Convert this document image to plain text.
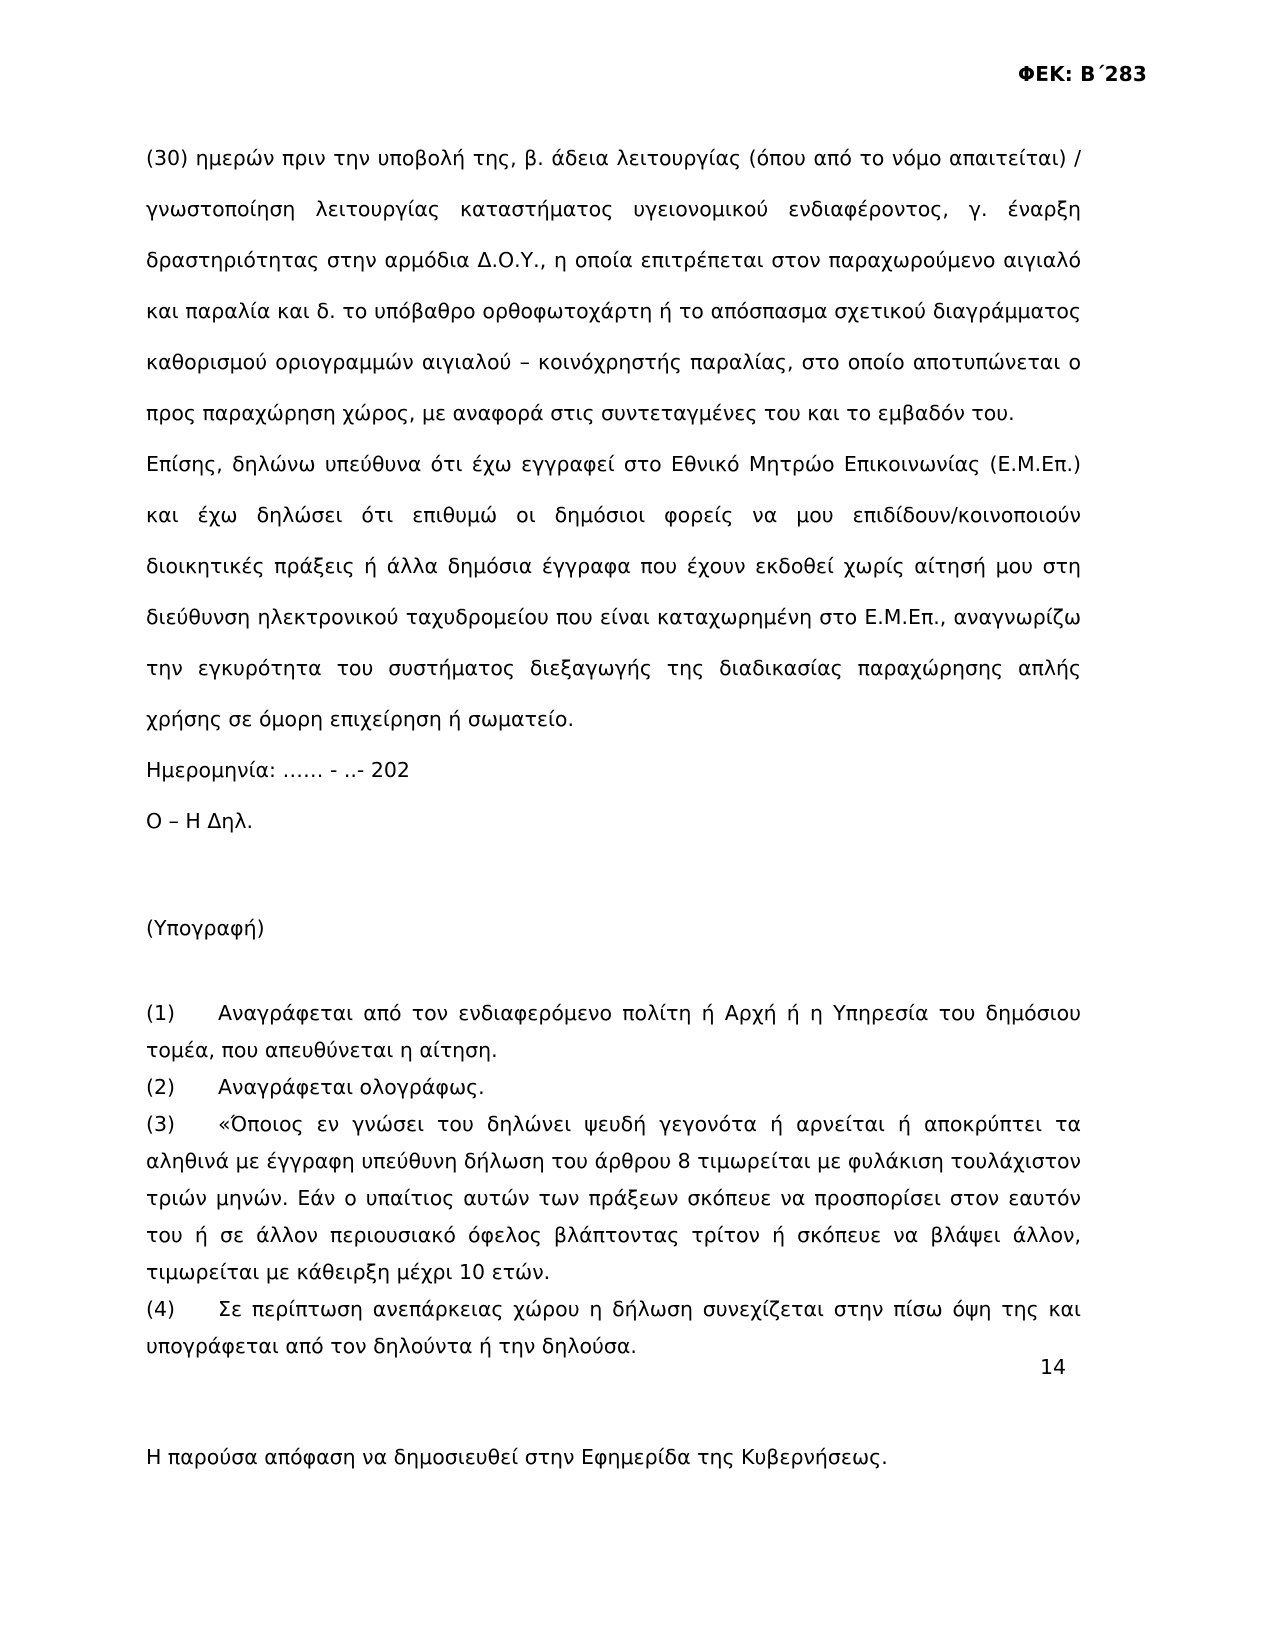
ΦΕΚ: Β΄283

(30) ημερών πριν την υποβολή της, β. άδεια λειτουργίας (όπου από το νόμο απαιτείται) / γνωστοποίηση λειτουργίας καταστήματος υγειονομικού ενδιαφέροντος, γ. έναρξη δραστηριότητας στην αρμόδια Δ.Ο.Υ., η οποία επιτρέπεται στον παραχωρούμενο αιγιαλό και παραλία και δ. το υπόβαθρο ορθοφωτοχάρτη ή το απόσπασμα σχετικού διαγράμματος καθορισμού οριογραμμών αιγιαλού – κοινόχρηστής παραλίας, στο οποίο αποτυπώνεται ο προς παραχώρηση χώρος, με αναφορά στις συντεταγμένες του και το εμβαδόν του.

Επίσης, δηλώνω υπεύθυνα ότι έχω εγγραφεί στο Εθνικό Μητρώο Επικοινωνίας (Ε.Μ.Επ.) και έχω δηλώσει ότι επιθυμώ οι δημόσιοι φορείς να μου επιδίδουν/κοινοποιούν διοικητικές πράξεις ή άλλα δημόσια έγγραφα που έχουν εκδοθεί χωρίς αίτησή μου στη διεύθυνση ηλεκτρονικού ταχυδρομείου που είναι καταχωρημένη στο Ε.Μ.Επ., αναγνωρίζω την εγκυρότητα του συστήματος διεξαγωγής της διαδικασίας παραχώρησης απλής χρήσης σε όμορη επιχείρηση ή σωματείο.

Ημερομηνία: …… - ..- 202
Ο – Η Δηλ.
(Υπογραφή)

(1) Αναγράφεται από τον ενδιαφερόμενο πολίτη ή Αρχή ή η Υπηρεσία του δημόσιου τομέα, που απευθύνεται η αίτηση.

(2) Αναγράφεται ολογράφως.

(3) «Όποιος εν γνώσει του δηλώνει ψευδή γεγονότα ή αρνείται ή αποκρύπτει τα αληθινά με έγγραφη υπεύθυνη δήλωση του άρθρου 8 τιμωρείται με φυλάκιση τουλάχιστον τριών μηνών. Εάν ο υπαίτιος αυτών των πράξεων σκόπευε να προσπορίσει στον εαυτόν του ή σε άλλον περιουσιακό όφελος βλάπτοντας τρίτον ή σκόπευε να βλάψει άλλον, τιμωρείται με κάθειρξη μέχρι 10 ετών.

(4) Σε περίπτωση ανεπάρκειας χώρου η δήλωση συνεχίζεται στην πίσω όψη της και υπογράφεται από τον δηλούντα ή την δηλούσα.

Η παρούσα απόφαση να δημοσιευθεί στην Εφημερίδα της Κυβερνήσεως.
14
